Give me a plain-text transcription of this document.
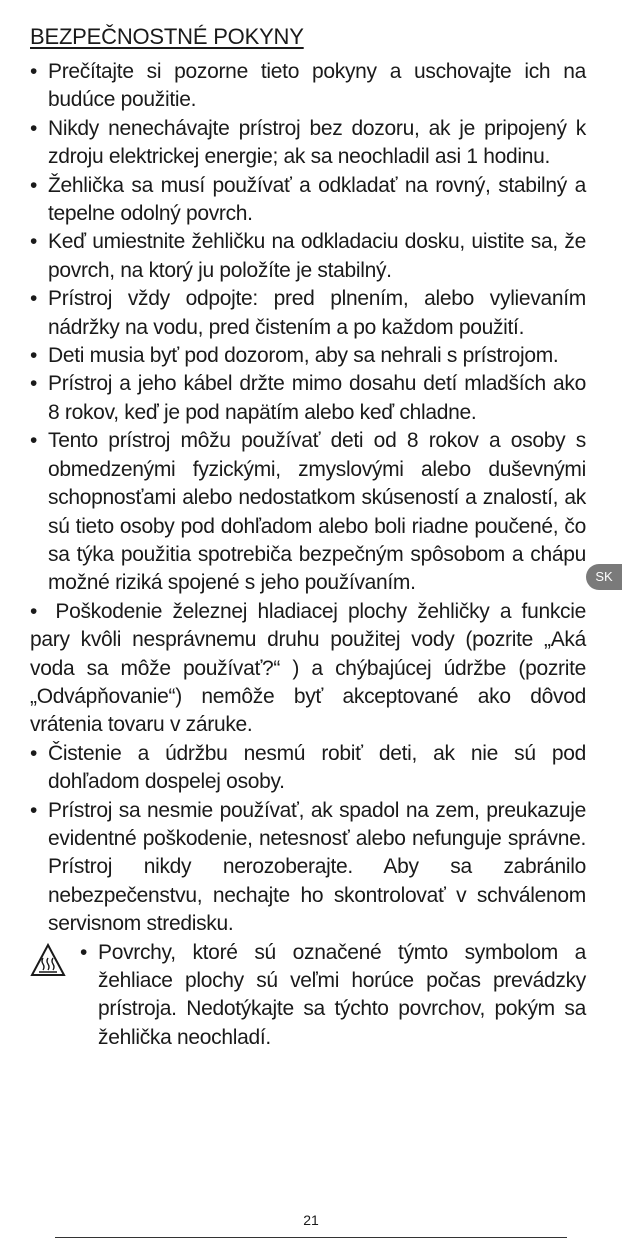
BEZPEČNOSTNÉ POKYNY
• Prečítajte si pozorne tieto pokyny a uschovajte ich na budúce použitie.
• Nikdy nenechávajte prístroj bez dozoru, ak je pripojený k zdroju elektrickej energie; ak sa neochladil asi 1 hodinu.
• Žehlička sa musí používať a odkladať na rovný, stabilný a tepelne odolný povrch.
• Keď umiestnite žehličku na odkladaciu dosku, uistite sa, že povrch, na ktorý ju položíte je stabilný.
• Prístroj vždy odpojte: pred plnením, alebo vylievaním nádržky na vodu, pred čistením a po každom použití.
• Deti musia byť pod dozorom, aby sa nehrali s prístrojom.
• Prístroj a jeho kábel držte mimo dosahu detí mladších ako 8 rokov, keď je pod napätím alebo keď chladne.
• Tento prístroj môžu používať deti od 8 rokov a osoby s obmedzenými fyzickými, zmyslovými alebo duševnými schopnosťami alebo nedostatkom skúseností a znalostí, ak sú tieto osoby pod dohľadom alebo boli riadne poučené, čo sa týka použitia spotrebiča bezpečným spôsobom a chápu možné riziká spojené s jeho používaním.
• Poškodenie železnej hladiacej plochy žehličky a funkcie pary kvôli nesprávnemu druhu použitej vody (pozrite „Aká voda sa môže používať?“ ) a chýbajúcej údržbe (pozrite „Odvápňovanie“) nemôže byť akceptované ako dôvod vrátenia tovaru v záruke.
• Čistenie a údržbu nesmú robiť deti, ak nie sú pod dohľadom dospelej osoby.
• Prístroj sa nesmie používať, ak spadol na zem, preukazuje evidentné poškodenie, netesnosť alebo nefunguje správne. Prístroj nikdy nerozoberajte. Aby sa zabránilo nebezpečenstvu, nechajte ho skontrolovať v schválenom servisnom stredisku.
• Povrchy, ktoré sú označené týmto symbolom a žehliace plochy sú veľmi horúce počas prevádzky prístroja. Nedotýkajte sa týchto povrchov, pokým sa žehlička neochladí.
SK
21
